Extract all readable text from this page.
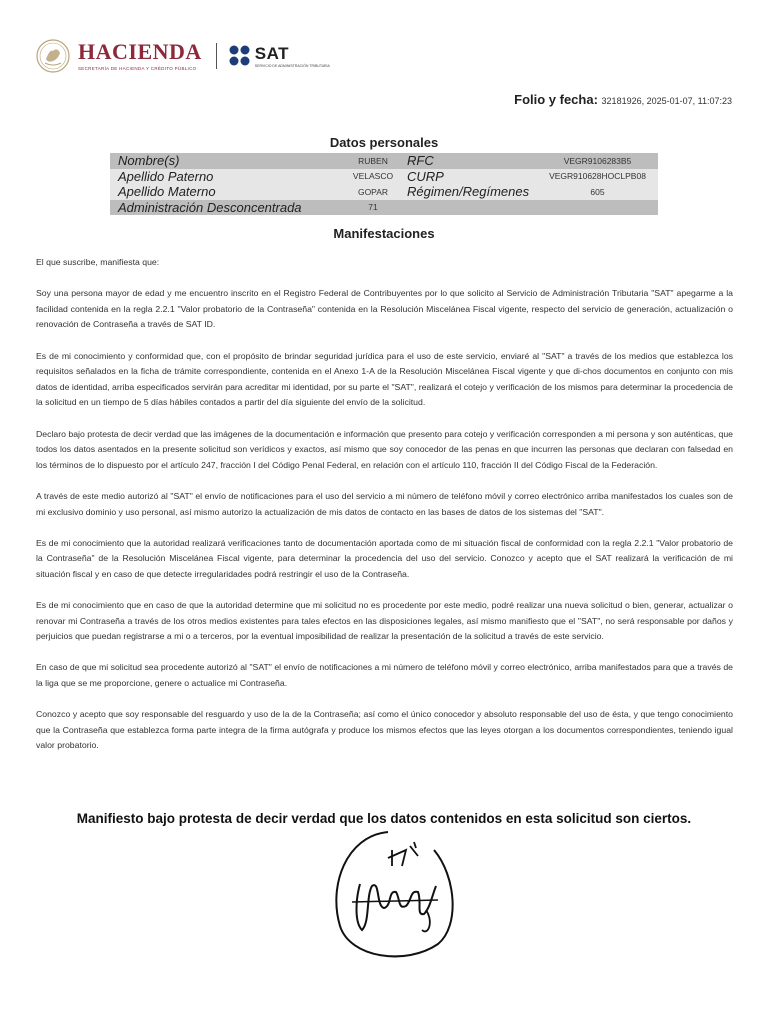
HACIENDA
SECRETARÍA DE HACIENDA Y CRÉDITO PÚBLICO
SAT
SERVICIO DE ADMINISTRACIÓN TRIBUTARIA
Folio y fecha: 32181926, 2025-01-07, 11:07:23
Datos personales
Nombre(s)	RUBEN	RFC	VEGR9106283B5
Apellido Paterno	VELASCO	CURP	VEGR910628HOCLPB08
Apellido Materno	GOPAR	Régimen/Regímenes	605
Administración Desconcentrada	71
Manifestaciones

El que suscribe, manifiesta que:

Soy una persona mayor de edad y me encuentro inscrito en el Registro Federal de Contribuyentes por lo que solicito al Servicio de Administración Tributaria "SAT" apegarme a la facilidad contenida en la regla 2.2.1 "Valor probatorio de la Contraseña" contenida en la Resolución Miscelánea Fiscal vigente, respecto del servicio de generación, actualización o renovación de Contraseña a través de SAT ID.

Es de mi conocimiento y conformidad que, con el propósito de brindar seguridad jurídica para el uso de este servicio, enviaré al "SAT" a través de los medios que establezca los requisitos señalados en la ficha de trámite correspondiente, contenida en el Anexo 1-A de la Resolución Miscelánea Fiscal vigente y que di-chos documentos en conjunto con mis datos de identidad, arriba especificados servirán para acreditar mi identidad, por su parte el "SAT", realizará el cotejo y verificación de los mismos para determinar la procedencia de la solicitud en un tiempo de 5 días hábiles contados a partir del día siguiente del envío de la solicitud.

Declaro bajo protesta de decir verdad que las imágenes de la documentación e información que presento para cotejo y verificación corresponden a mi persona y son auténticas, que todos los datos asentados en la presente solicitud son verídicos y exactos, así mismo que soy conocedor de las penas en que incurren las personas que declaran con falsedad en los términos de lo dispuesto por el artículo 247, fracción I del Código Penal Federal, en relación con el artículo 110, fracción II del Código Fiscal de la Federación.

A través de este medio autorizó al "SAT" el envío de notificaciones para el uso del servicio a mi número de teléfono móvil y correo electrónico arriba manifestados los cuales son de mi exclusivo dominio y uso personal, así mismo autorizo la actualización de mis datos de contacto en las bases de datos de los sistemas del "SAT".

Es de mi conocimiento que la autoridad realizará verificaciones tanto de documentación aportada como de mi situación fiscal de conformidad con la regla 2.2.1 "Valor probatorio de la Contraseña" de la Resolución Miscelánea Fiscal vigente, para determinar la procedencia del uso del servicio. Conozco y acepto que el SAT realizará la verificación de mi situación fiscal y en caso de que detecte irregularidades podrá restringir el uso de la Contraseña.

Es de mi conocimiento que en caso de que la autoridad determine que mi solicitud no es procedente por este medio, podré realizar una nueva solicitud o bien, generar, actualizar o renovar mi Contraseña a través de los otros medios existentes para tales efectos en las disposiciones legales, así mismo manifiesto que el "SAT", no será responsable por daños y perjuicios que puedan registrarse a mi o a terceros, por la eventual imposibilidad de realizar la presentación de la solicitud a través de este servicio.

En caso de que mi solicitud sea procedente autorizó al "SAT" el envío de notificaciones a mi número de teléfono móvil y correo electrónico, arriba manifestados para que a través de la liga que se me proporcione, genere o actualice mi Contraseña.

Conozco y acepto que soy responsable del resguardo y uso de la de la Contraseña; así como el único conocedor y absoluto responsable del uso de ésta, y que tengo conocimiento que la Contraseña que establezca forma parte integra de la firma autógrafa y produce los mismos efectos que las leyes otorgan a los documentos correspondientes, teniendo igual valor probatorio.

Manifiesto bajo protesta de decir verdad que los datos contenidos en esta solicitud son ciertos.
